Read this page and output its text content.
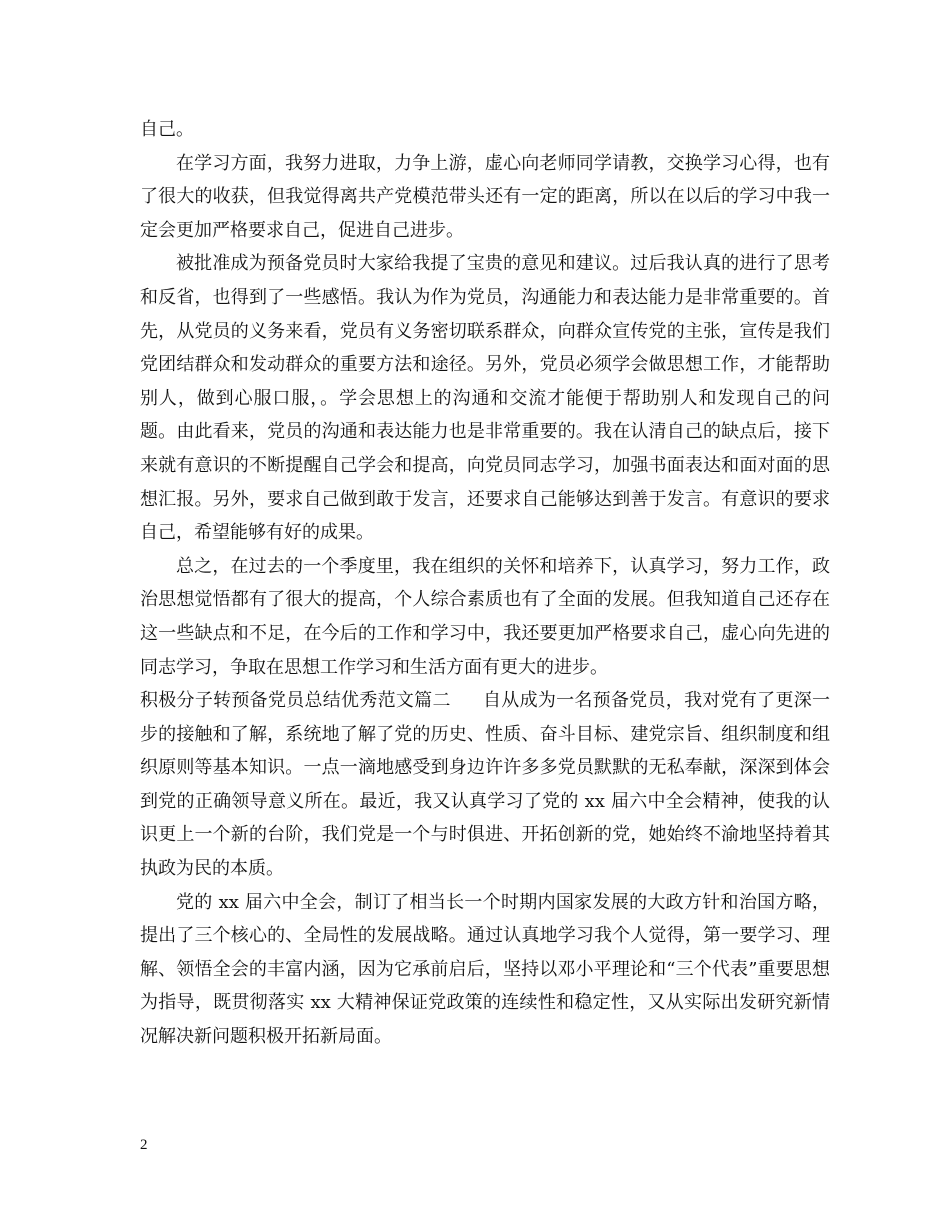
自己。

在学习方面，我努力进取，力争上游，虚心向老师同学请教，交换学习心得，也有了很大的收获，但我觉得离共产党模范带头还有一定的距离，所以在以后的学习中我一定会更加严格要求自己，促进自己进步。

被批准成为预备党员时大家给我提了宝贵的意见和建议。过后我认真的进行了思考和反省，也得到了一些感悟。我认为作为党员，沟通能力和表达能力是非常重要的。首先，从党员的义务来看，党员有义务密切联系群众，向群众宣传党的主张，宣传是我们党团结群众和发动群众的重要方法和途径。另外，党员必须学会做思想工作，才能帮助别人，做到心服口服，。学会思想上的沟通和交流才能便于帮助别人和发现自己的问题。由此看来，党员的沟通和表达能力也是非常重要的。我在认清自己的缺点后，接下来就有意识的不断提醒自己学会和提高，向党员同志学习，加强书面表达和面对面的思想汇报。另外，要求自己做到敢于发言，还要求自己能够达到善于发言。有意识的要求自己，希望能够有好的成果。

总之，在过去的一个季度里，我在组织的关怀和培养下，认真学习，努力工作，政治思想觉悟都有了很大的提高，个人综合素质也有了全面的发展。但我知道自己还存在这一些缺点和不足，在今后的工作和学习中，我还要更加严格要求自己，虚心向先进的同志学习，争取在思想工作学习和生活方面有更大的进步。

积极分子转预备党员总结优秀范文篇二 自从成为一名预备党员，我对党有了更深一步的接触和了解，系统地了解了党的历史、性质、奋斗目标、建党宗旨、组织制度和组织原则等基本知识。一点一滴地感受到身边许许多多党员默默的无私奉献，深深到体会到党的正确领导意义所在。最近，我又认真学习了党的 xx 届六中全会精神，使我的认识更上一个新的台阶，我们党是一个与时俱进、开拓创新的党，她始终不渝地坚持着其执政为民的本质。

党的 xx 届六中全会，制订了相当长一个时期内国家发展的大政方针和治国方略，提出了三个核心的、全局性的发展战略。通过认真地学习我个人觉得，第一要学习、理解、领悟全会的丰富内涵，因为它承前启后，坚持以邓小平理论和“三个代表”重要思想为指导，既贯彻落实 xx 大精神保证党政策的连续性和稳定性，又从实际出发研究新情况解决新问题积极开拓新局面。

2
